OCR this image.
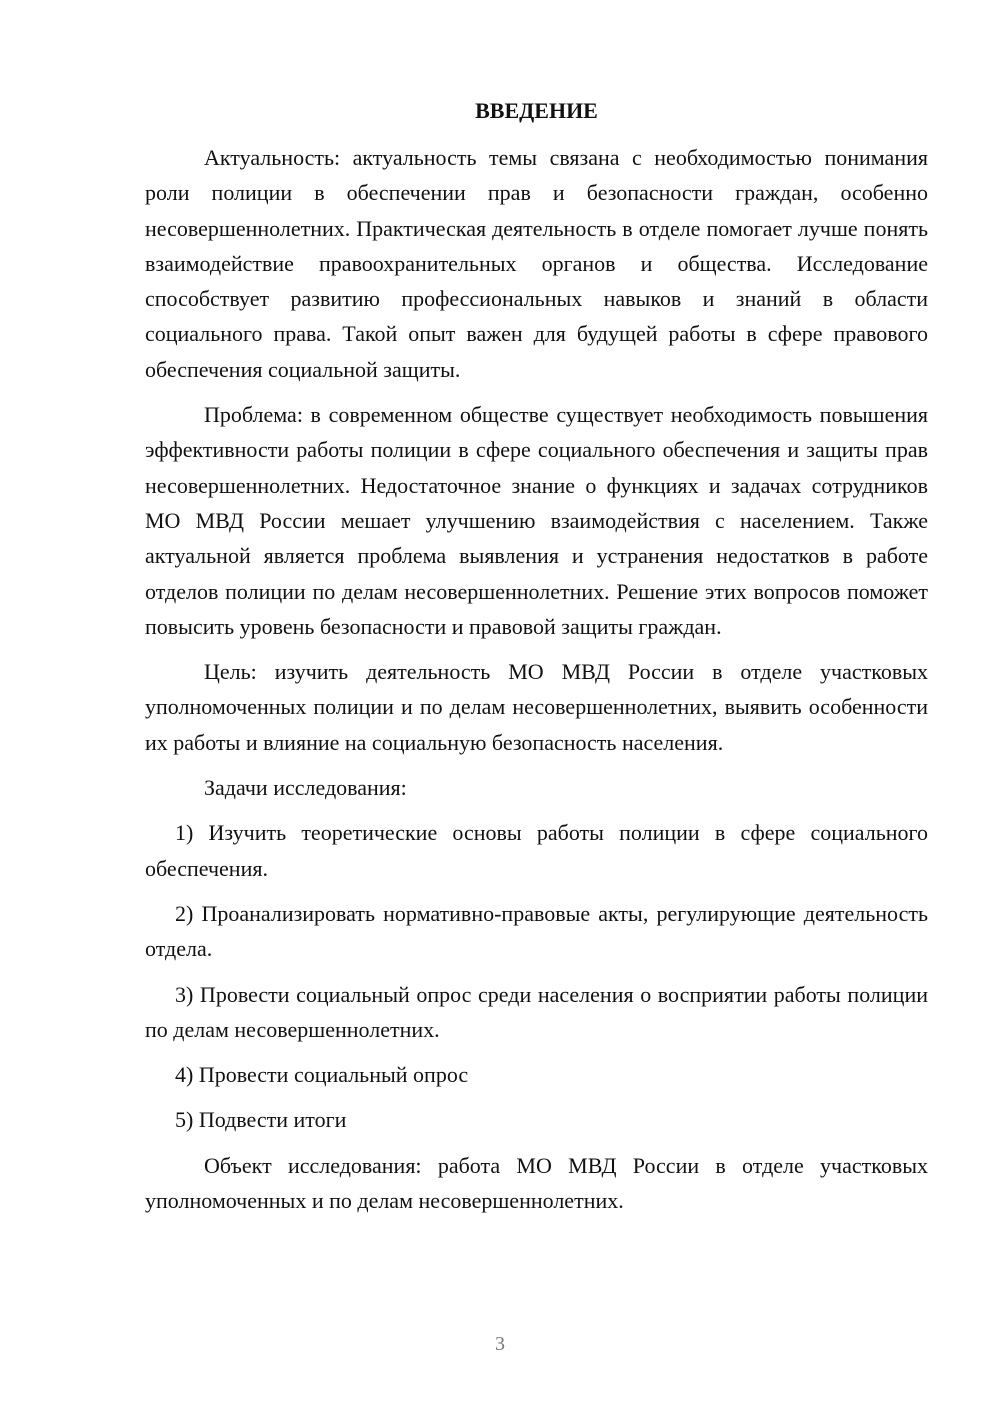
ВВЕДЕНИЕ

Актуальность: актуальность темы связана с необходимостью понимания роли полиции в обеспечении прав и безопасности граждан, особенно несовершеннолетних. Практическая деятельность в отделе помогает лучше понять взаимодействие правоохранительных органов и общества. Исследование способствует развитию профессиональных навыков и знаний в области социального права. Такой опыт важен для будущей работы в сфере правового обеспечения социальной защиты.

Проблема: в современном обществе существует необходимость повышения эффективности работы полиции в сфере социального обеспечения и защиты прав несовершеннолетних. Недостаточное знание о функциях и задачах сотрудников МО МВД России мешает улучшению взаимодействия с населением. Также актуальной является проблема выявления и устранения недостатков в работе отделов полиции по делам несовершеннолетних. Решение этих вопросов поможет повысить уровень безопасности и правовой защиты граждан.

Цель: изучить деятельность МО МВД России в отделе участковых уполномоченных полиции и по делам несовершеннолетних, выявить особенности их работы и влияние на социальную безопасность населения.

Задачи исследования:

1) Изучить теоретические основы работы полиции в сфере социального обеспечения.

2) Проанализировать нормативно-правовые акты, регулирующие деятельность отдела.

3) Провести социальный опрос среди населения о восприятии работы полиции по делам несовершеннолетних.

4) Провести социальный опрос

5) Подвести итоги

Объект исследования: работа МО МВД России в отделе участковых уполномоченных и по делам несовершеннолетних.

3
